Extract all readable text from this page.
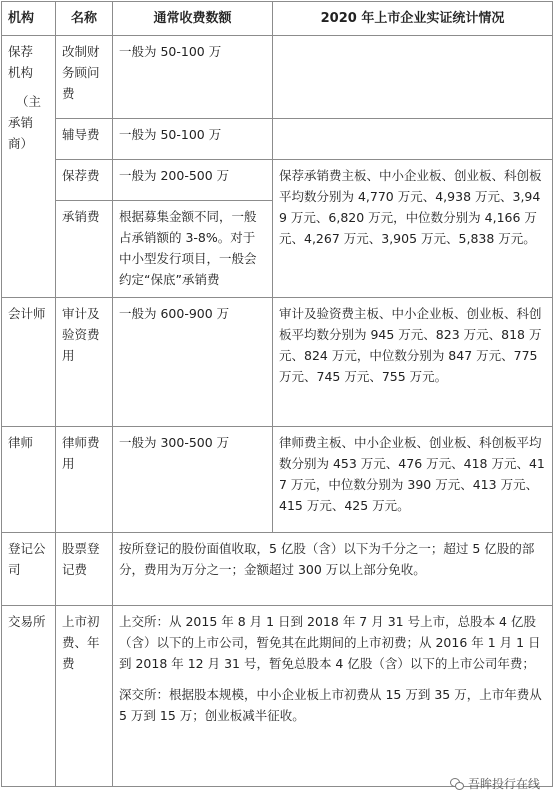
机构	名称	通常收费数额	2020 年上市企业实证统计情况

保荐
机构
（主
承销
商）	改制财务顾问费	一般为 50-100 万	
	辅导费	一般为 50-100 万	
	保荐费	一般为 200-500 万	保荐承销费主板、中小企业板、创业板、科创板平均数分别为 4,770 万元、4,938 万元、3,949 万元、6,820 万元，中位数分别为 4,166 万元、4,267 万元、3,905 万元、5,838 万元。
	承销费	根据募集金额不同，一般占承销额的 3-8%。对于中小型发行项目，一般会约定“保底”承销费	
会计师	审计及验资费用	一般为 600-900 万	审计及验资费主板、中小企业板、创业板、科创板平均数分别为 945 万元、823 万元、818 万元、824 万元，中位数分别为 847 万元、775 万元、745 万元、755 万元。
律师	律师费用	一般为 300-500 万	律师费主板、中小企业板、创业板、科创板平均数分别为 453 万元、476 万元、418 万元、417 万元，中位数分别为 390 万元、413 万元、415 万元、425 万元。
登记公司	股票登记费	按所登记的股份面值收取，5 亿股（含）以下为千分之一；超过 5 亿股的部分，费用为万分之一；金额超过 300 万以上部分免收。	
交易所	上市初费、年费	上交所：从 2015 年 8 月 1 日到 2018 年 7 月 31 号上市，总股本 4 亿股（含）以下的上市公司，暂免其在此期间的上市初费；从 2016 年 1 月 1 日到 2018 年 12 月 31 号，暂免总股本 4 亿股（含）以下的上市公司年费；

深交所：根据股本规模，中小企业板上市初费从 15 万到 35 万，上市年费从 5 万到 15 万；创业板减半征收。	

吾眸投行在线
